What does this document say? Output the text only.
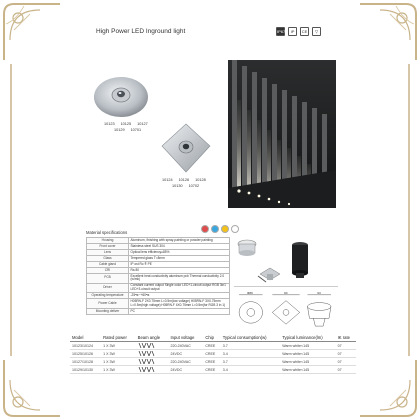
High Power LED Inground light	IP67	IP	CE	▽
10123 10125 10127
10129 10701
10124 10126 10128
10130 10702
Material specifications
Housing	Aluminum, finishing with spray-painting or powder painting
Front cover	Stainless steel SUS 304
Lens	Optical lens efficiency≥85%
Glass	Tempered glass T=8mm
Cable gland	IP ost Ro ® PE
CRI	Ra 80
PCB	Excellent heat conductivity aluminum pcb Thermal conductivity 2.0 (w/mk)
Driver	Constant current output Single color LED+1-circuit output RGB 3in1 LED+3-circuit output
Operating temperature	-25℃~+60℃
Power Cable	H05RN-F 2X0.75mm L=0.5m(low voltage) H05RN-F 3X0.75mm L=0.5m(high voltage) H05RN-F 4X0.75mm L=0.5m(for RGB 3 in 1)
Mounting deliver	PC
Φ86	90	93
Model	Rated power	Beam angle	Input voltage	Chip	Typical consumption(w)	Typical luminance(lm)	IK rate
10123/10124	1 X 3W		220-240VAC	CREE	3.7	Warm white<145	07
10125/10126	1 X 3W		24VDC	CREE	3.4	Warm white<145	07
10127/10128	1 X 3W		220-240VAC	CREE	3.7	Warm white<145	07
10129/10130	1 X 3W		24VDC	CREE	3.4	Warm white<145	07
